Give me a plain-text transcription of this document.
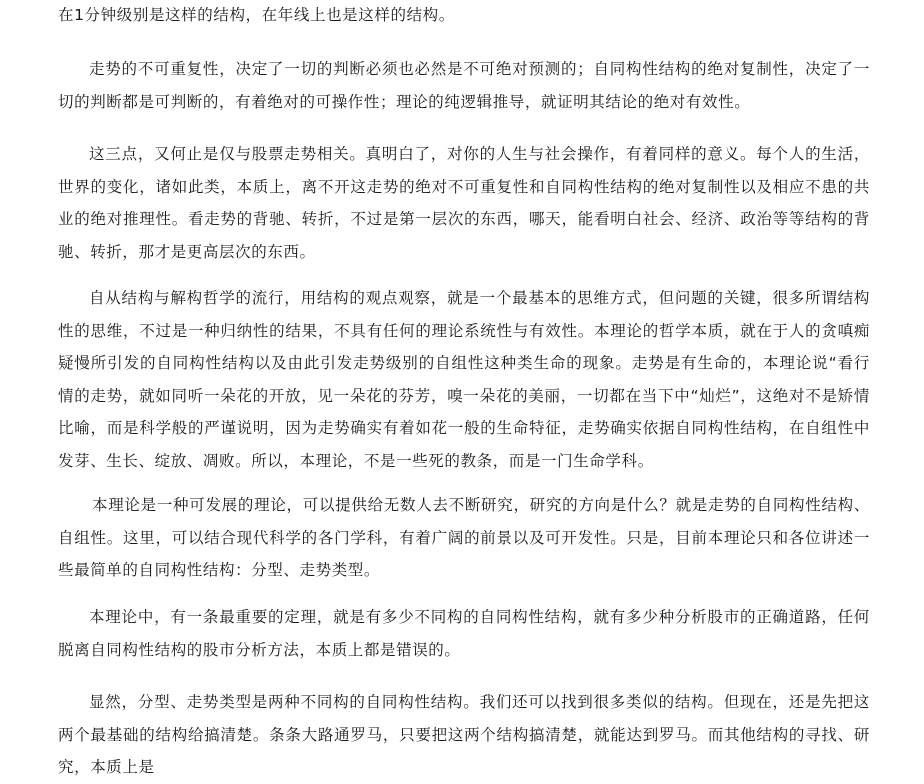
在1分钟级别是这样的结构，在年线上也是这样的结构。

走势的不可重复性，决定了一切的判断必须也必然是不可绝对预测的；自同构性结构的绝对复制性，决定了一切的判断都是可判断的，有着绝对的可操作性；理论的纯逻辑推导，就证明其结论的绝对有效性。

这三点，又何止是仅与股票走势相关。真明白了，对你的人生与社会操作，有着同样的意义。每个人的生活，世界的变化，诸如此类，本质上，离不开这走势的绝对不可重复性和自同构性结构的绝对复制性以及相应不患的共业的绝对推理性。看走势的背驰、转折，不过是第一层次的东西，哪天，能看明白社会、经济、政治等等结构的背驰、转折，那才是更高层次的东西。

自从结构与解构哲学的流行，用结构的观点观察，就是一个最基本的思维方式，但问题的关键，很多所谓结构性的思维，不过是一种归纳性的结果，不具有任何的理论系统性与有效性。本理论的哲学本质，就在于人的贪嗔痴疑慢所引发的自同构性结构以及由此引发走势级别的自组性这种类生命的现象。走势是有生命的，本理论说“看行情的走势，就如同听一朵花的开放，见一朵花的芬芳，嗅一朵花的美丽，一切都在当下中“灿烂”，这绝对不是矫情比喻，而是科学般的严谨说明，因为走势确实有着如花一般的生命特征，走势确实依据自同构性结构，在自组性中发芽、生长、绽放、凋败。所以，本理论，不是一些死的教条，而是一门生命学科。

本理论是一种可发展的理论，可以提供给无数人去不断研究，研究的方向是什么？就是走势的自同构性结构、自组性。这里，可以结合现代科学的各门学科，有着广阔的前景以及可开发性。只是，目前本理论只和各位讲述一些最简单的自同构性结构：分型、走势类型。

本理论中，有一条最重要的定理，就是有多少不同构的自同构性结构，就有多少种分析股市的正确道路，任何脱离自同构性结构的股市分析方法，本质上都是错误的。

显然，分型、走势类型是两种不同构的自同构性结构。我们还可以找到很多类似的结构。但现在，还是先把这两个最基础的结构给搞清楚。条条大路通罗马，只要把这两个结构搞清楚，就能达到罗马。而其他结构的寻找、研究，本质上是
